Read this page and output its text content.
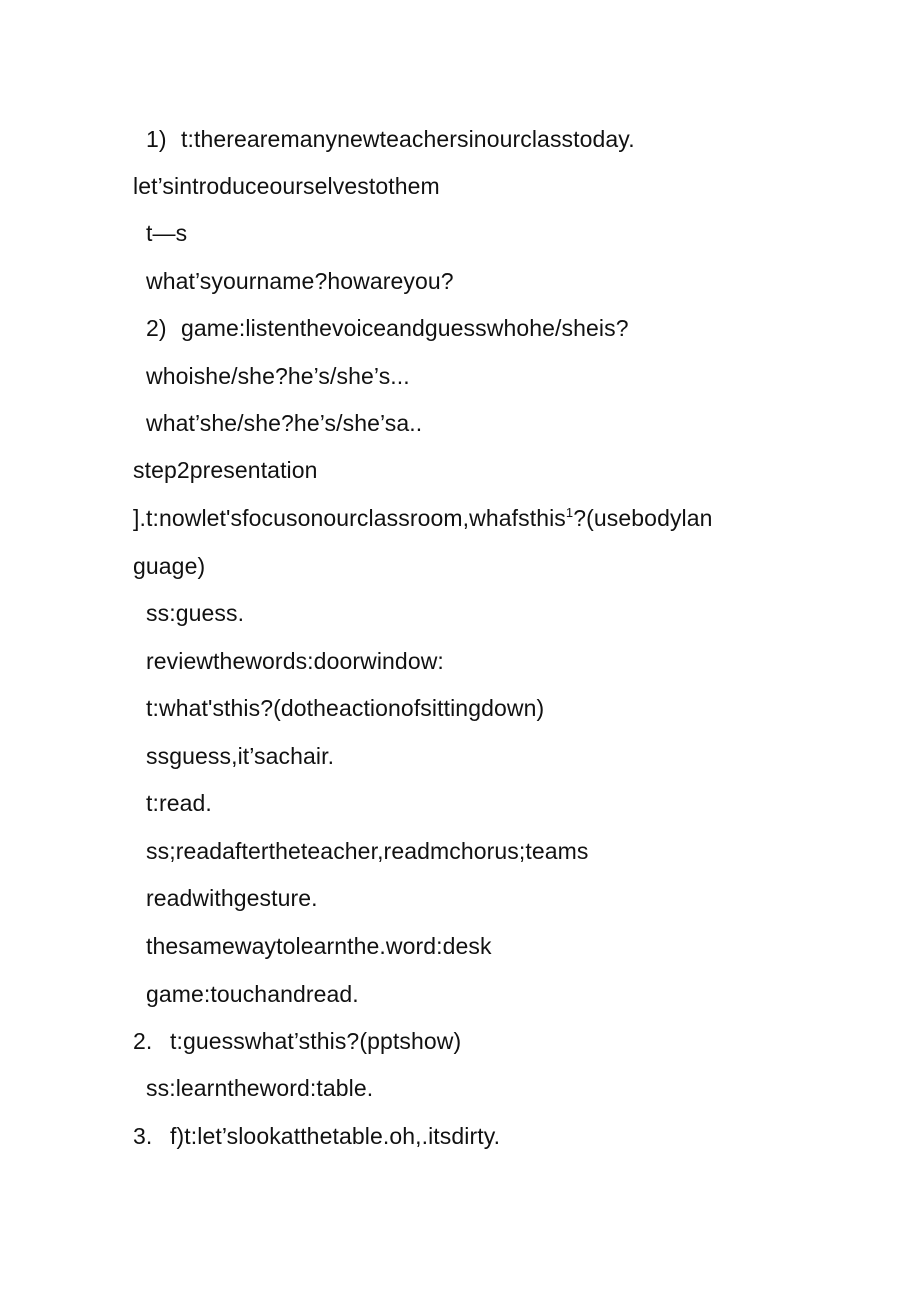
1) t:therearemanynewteachersinourclasstoday.
let’sintroduceourselvestothem
t—s
what’syourname?howareyou?
2) game:listenthevoiceandguesswhohe/sheis?
whoishe/she?he’s/she’s...
what’she/she?he’s/she’sa..
step2presentation
].t:nowlet'sfocusonourclassroom,whafsthis$^1$?(usebodylan
guage)
ss:guess.
reviewthewords:doorwindow:
t:what'sthis?(dotheactionofsittingdown)
ssguess,it’sachair.
t:read.
ss;readaftertheteacher,readmchorus;teams
readwithgesture.
thesamewaytolearnthe.word:desk
game:touchandread.
2. t:guesswhat’sthis?(pptshow)
ss:learntheword:table.
3. f)t:let’slookatthetable.oh,.itsdirty.
